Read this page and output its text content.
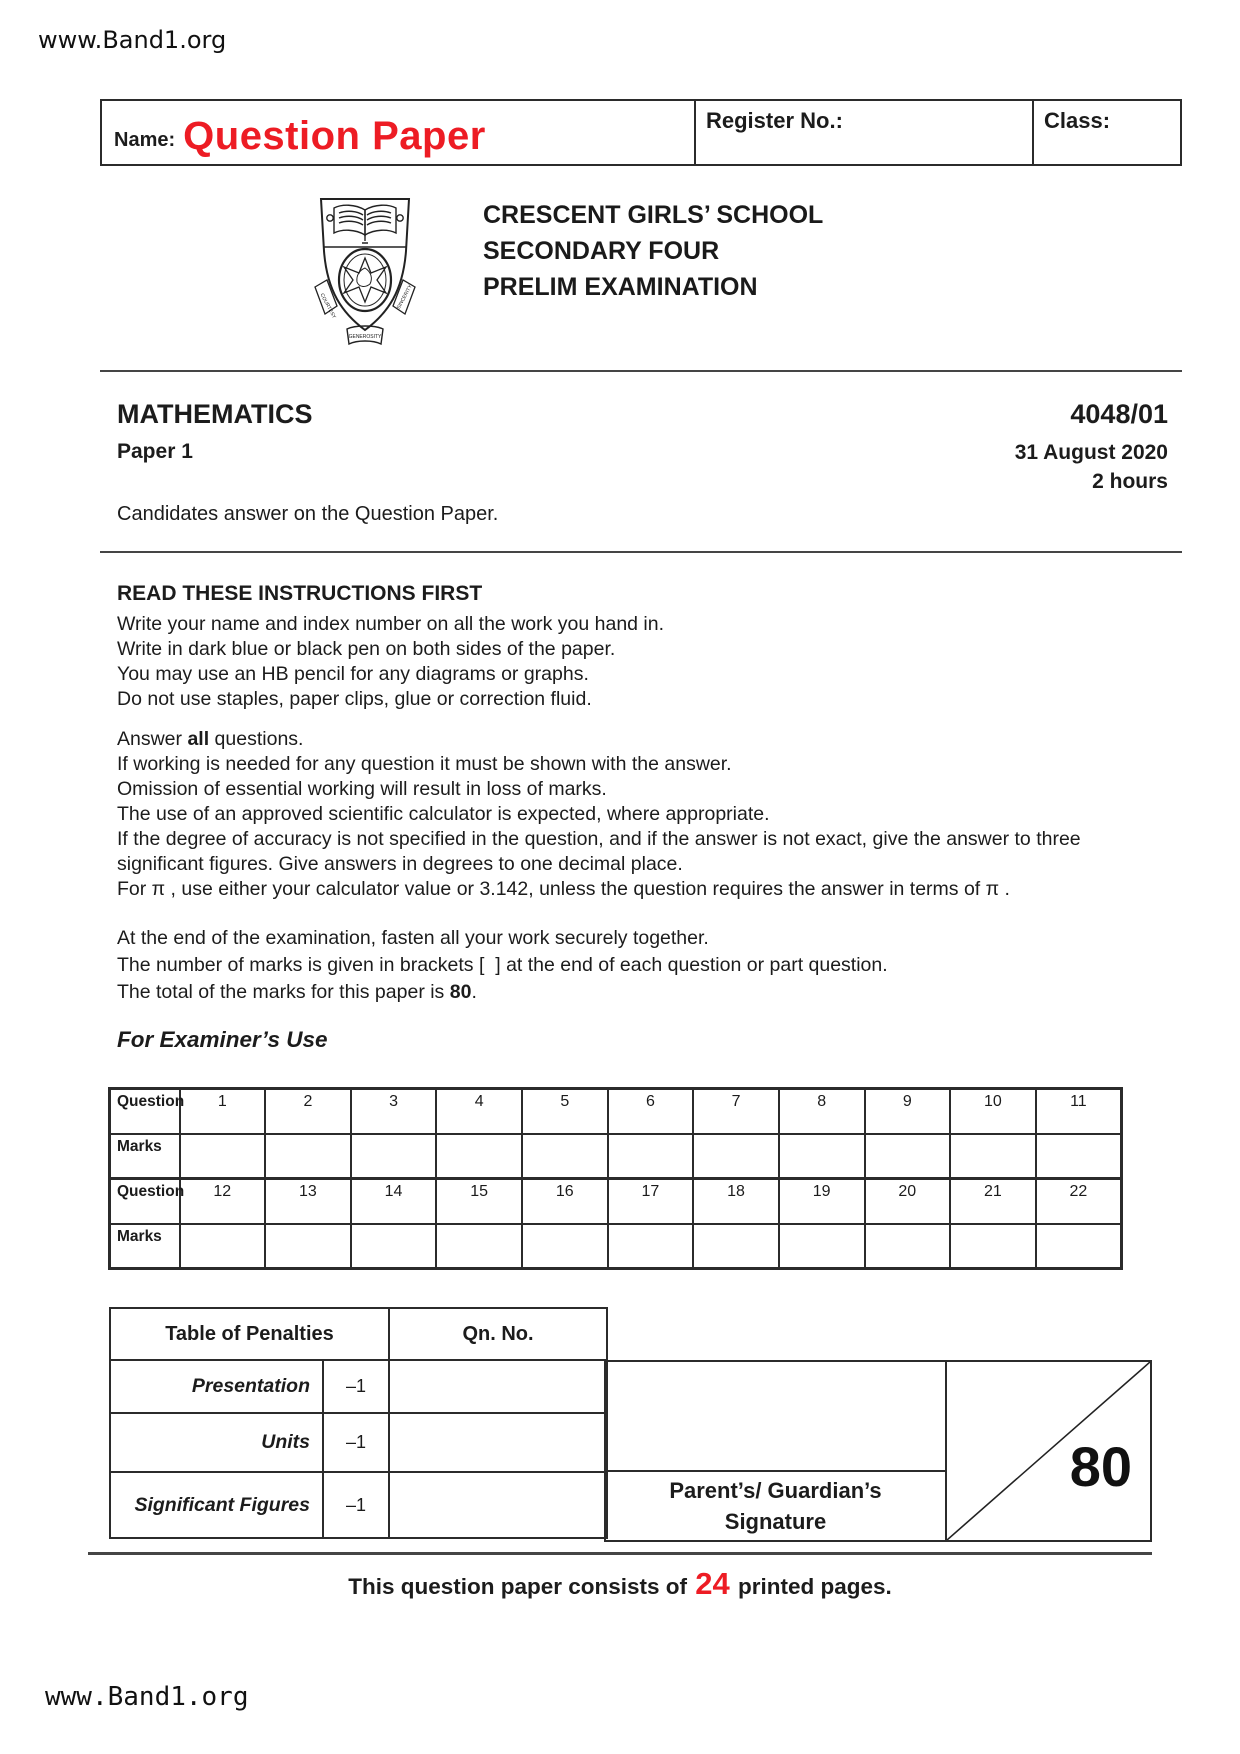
www.Band1.org
Name: Question Paper	Register No.:	Class:
COURTESY	SINCERITY
GENEROSITY
CRESCENT GIRLS’ SCHOOL
SECONDARY FOUR
PRELIM EXAMINATION
MATHEMATICS	4048/01
Paper 1	31 August 2020
2 hours
Candidates answer on the Question Paper.
READ THESE INSTRUCTIONS FIRST

Write your name and index number on all the work you hand in.

Write in dark blue or black pen on both sides of the paper.

You may use an HB pencil for any diagrams or graphs.

Do not use staples, paper clips, glue or correction fluid.

Answer all questions.

If working is needed for any question it must be shown with the answer.

Omission of essential working will result in loss of marks.

The use of an approved scientific calculator is expected, where appropriate.

If the degree of accuracy is not specified in the question, and if the answer is not exact, give the answer to three

significant figures. Give answers in degrees to one decimal place.

For π , use either your calculator value or 3.142, unless the question requires the answer in terms of π .

At the end of the examination, fasten all your work securely together.

The number of marks is given in brackets [  ] at the end of each question or part question.

The total of the marks for this paper is 80.

For Examiner’s Use
Question	1	2	3	4	5	6	7	8	9	10	11
Marks											
Question	12	13	14	15	16	17	18	19	20	21	22
Marks											
Table of Penalties		Qn. No.
Presentation	–1	
Units	–1	
Significant Figures	–1	
Parent’s/ Guardian’s
Signature
80
This question paper consists of 24 printed pages.
www.Band1.org
